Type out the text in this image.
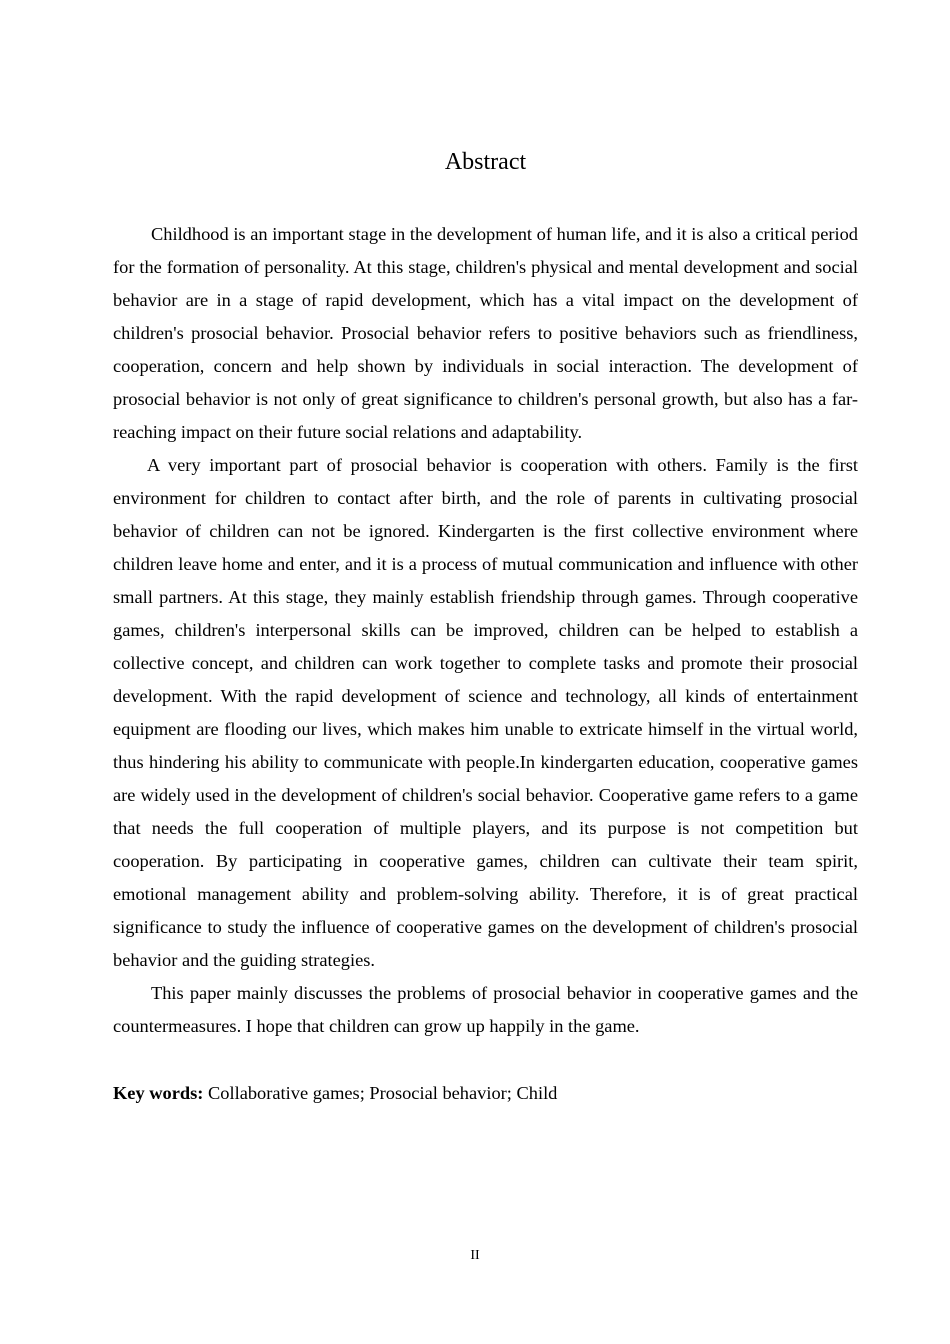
Abstract

Childhood is an important stage in the development of human life, and it is also a critical period for the formation of personality. At this stage, children's physical and mental development and social behavior are in a stage of rapid development, which has a vital impact on the development of children's prosocial behavior. Prosocial behavior refers to positive behaviors such as friendliness, cooperation, concern and help shown by individuals in social interaction. The development of prosocial behavior is not only of great significance to children's personal growth, but also has a far-reaching impact on their future social relations and adaptability.

A very important part of prosocial behavior is cooperation with others. Family is the first environment for children to contact after birth, and the role of parents in cultivating prosocial behavior of children can not be ignored. Kindergarten is the first collective environment where children leave home and enter, and it is a process of mutual communication and influence with other small partners. At this stage, they mainly establish friendship through games. Through cooperative games, children's interpersonal skills can be improved, children can be helped to establish a collective concept, and children can work together to complete tasks and promote their prosocial development. With the rapid development of science and technology, all kinds of entertainment equipment are flooding our lives, which makes him unable to extricate himself in the virtual world, thus hindering his ability to communicate with people.In kindergarten education, cooperative games are widely used in the development of children's social behavior. Cooperative game refers to a game that needs the full cooperation of multiple players, and its purpose is not competition but cooperation. By participating in cooperative games, children can cultivate their team spirit, emotional management ability and problem-solving ability. Therefore, it is of great practical significance to study the influence of cooperative games on the development of children's prosocial behavior and the guiding strategies.

This paper mainly discusses the problems of prosocial behavior in cooperative games and the countermeasures. I hope that children can grow up happily in the game.

Key words: Collaborative games; Prosocial behavior; Child

II
